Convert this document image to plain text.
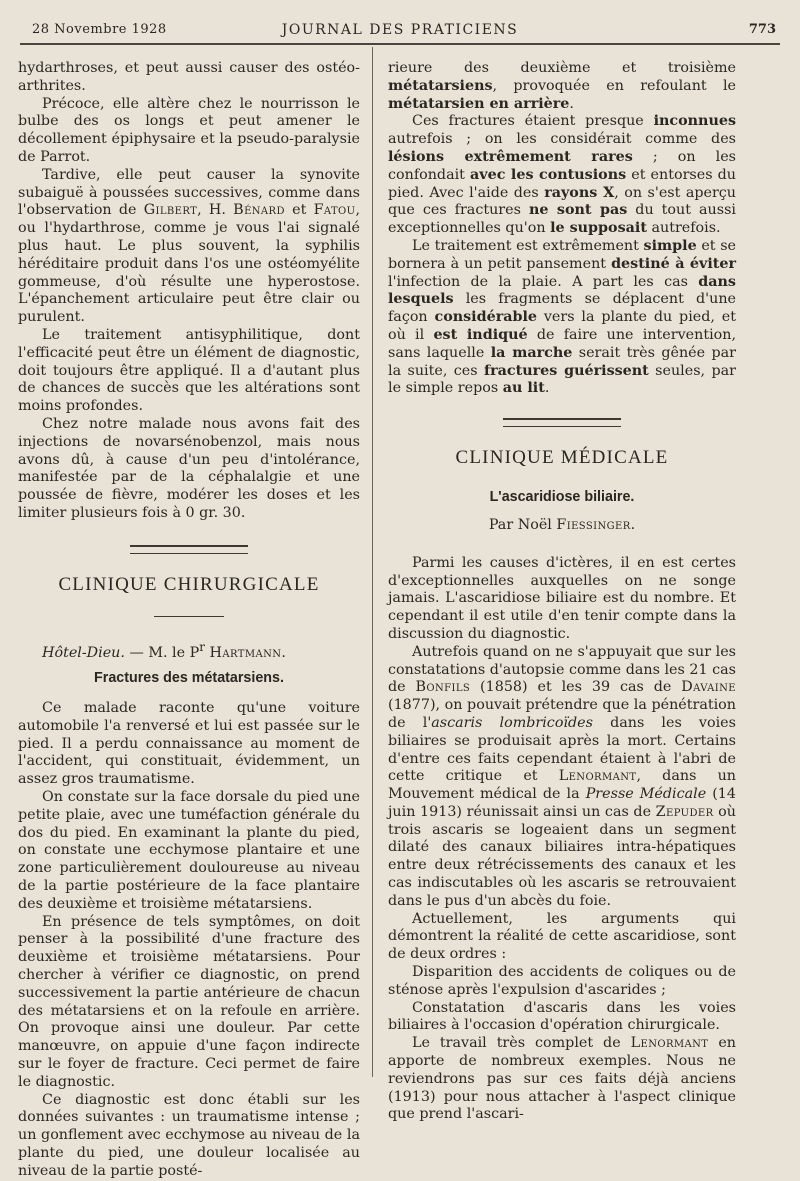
28 Novembre 1928	JOURNAL DES PRATICIENS	773

hydarthroses, et peut aussi causer des ostéo-arthrites.

Précoce, elle altère chez le nourrisson le bulbe des os longs et peut amener le décollement épiphysaire et la pseudo-paralysie de Parrot.

Tardive, elle peut causer la synovite subaiguë à poussées successives, comme dans l'observation de Gilbert, H. Bénard et Fatou, ou l'hydarthrose, comme je vous l'ai signalé plus haut. Le plus souvent, la syphilis héréditaire produit dans l'os une ostéomyélite gommeuse, d'où résulte une hyperostose. L'épanchement articulaire peut être clair ou purulent.

Le traitement antisyphilitique, dont l'efficacité peut être un élément de diagnostic, doit toujours être appliqué. Il a d'autant plus de chances de succès que les altérations sont moins profondes.

Chez notre malade nous avons fait des injections de novarsénobenzol, mais nous avons dû, à cause d'un peu d'intolérance, manifestée par de la céphalalgie et une poussée de fièvre, modérer les doses et les limiter plusieurs fois à 0 gr. 30.

CLINIQUE CHIRURGICALE
Hôtel-Dieu. — M. le $P^r$ Hartmann.
Fractures des métatarsiens.

Ce malade raconte qu'une voiture automobile l'a renversé et lui est passée sur le pied. Il a perdu connaissance au moment de l'accident, qui constituait, évidemment, un assez gros traumatisme.

On constate sur la face dorsale du pied une petite plaie, avec une tuméfaction générale du dos du pied. En examinant la plante du pied, on constate une ecchymose plantaire et une zone particulièrement douloureuse au niveau de la partie postérieure de la face plantaire des deuxième et troisième métatarsiens.

En présence de tels symptômes, on doit penser à la possibilité d'une fracture des deuxième et troisième métatarsiens. Pour chercher à vérifier ce diagnostic, on prend successivement la partie antérieure de chacun des métatarsiens et on la refoule en arrière. On provoque ainsi une douleur. Par cette manœuvre, on appuie d'une façon indirecte sur le foyer de fracture. Ceci permet de faire le diagnostic.

Ce diagnostic est donc établi sur les données suivantes : un traumatisme intense ; un gonflement avec ecchymose au niveau de la plante du pied, une douleur localisée au niveau de la partie posté-

rieure des deuxième et troisième métatarsiens, provoquée en refoulant le métatarsien en arrière.

Ces fractures étaient presque inconnues autrefois ; on les considérait comme des lésions extrêmement rares ; on les confondait avec les contusions et entorses du pied. Avec l'aide des rayons X, on s'est aperçu que ces fractures ne sont pas du tout aussi exceptionnelles qu'on le supposait autrefois.

Le traitement est extrêmement simple et se bornera à un petit pansement destiné à éviter l'infection de la plaie. A part les cas dans lesquels les fragments se déplacent d'une façon considérable vers la plante du pied, et où il est indiqué de faire une intervention, sans laquelle la marche serait très gênée par la suite, ces fractures guérissent seules, par le simple repos au lit.

CLINIQUE MÉDICALE
L'ascaridiose biliaire.
Par Noël Fiessinger.

Parmi les causes d'ictères, il en est certes d'exceptionnelles auxquelles on ne songe jamais. L'ascaridiose biliaire est du nombre. Et cependant il est utile d'en tenir compte dans la discussion du diagnostic.

Autrefois quand on ne s'appuyait que sur les constatations d'autopsie comme dans les 21 cas de Bonfils (1858) et les 39 cas de Davaine (1877), on pouvait prétendre que la pénétration de l'ascaris lombricoïdes dans les voies biliaires se produisait après la mort. Certains d'entre ces faits cependant étaient à l'abri de cette critique et Lenormant, dans un Mouvement médical de la Presse Médicale (14 juin 1913) réunissait ainsi un cas de Zepuder où trois ascaris se logeaient dans un segment dilaté des canaux biliaires intra-hépatiques entre deux rétrécissements des canaux et les cas indiscutables où les ascaris se retrouvaient dans le pus d'un abcès du foie.

Actuellement, les arguments qui démontrent la réalité de cette ascaridiose, sont de deux ordres :

Disparition des accidents de coliques ou de sténose après l'expulsion d'ascarides ;

Constatation d'ascaris dans les voies biliaires à l'occasion d'opération chirurgicale.

Le travail très complet de Lenormant en apporte de nombreux exemples. Nous ne reviendrons pas sur ces faits déjà anciens (1913) pour nous attacher à l'aspect clinique que prend l'ascari-
